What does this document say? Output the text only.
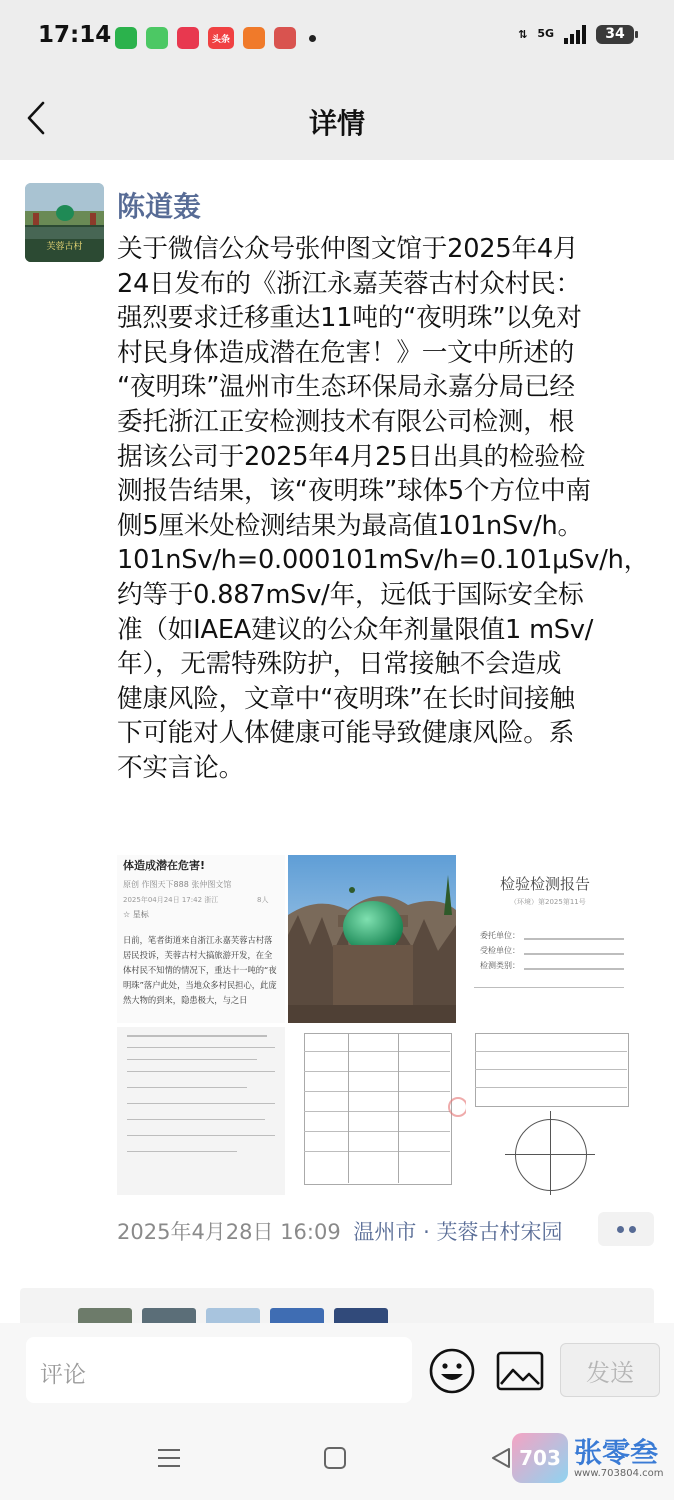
17:14	头条	⇅ 5G	34
详情
芙蓉古村
陈道轰

关于微信公众号张仲图文馆于2025年4月
24日发布的《浙江永嘉芙蓉古村众村民：
强烈要求迁移重达11吨的“夜明珠”以免对
村民身体造成潜在危害！》一文中所述的
“夜明珠”温州市生态环保局永嘉分局已经
委托浙江正安检测技术有限公司检测，根
据该公司于2025年4月25日出具的检验检
测报告结果，该“夜明珠”球体5个方位中南
侧5厘米处检测结果为最高值101nSv/h。
101nSv/h=0.000101mSv/h=0.101μSv/h，
约等于0.887mSv/年，远低于国际安全标
准（如IAEA建议的公众年剂量限值1 mSv/
年），无需特殊防护，日常接触不会造成
健康风险，文章中“夜明珠”在长时间接触
下可能对人体健康可能导致健康风险。系
不实言论。

体造成潜在危害!
原创 作图天下888 张仲图文馆
2025年04月24日 17:42 浙江	8人
☆ 星标
日前，笔者街道来自浙江永嘉芙蓉古村落居民投诉，芙蓉古村大搞旅游开发，在全体村民不知情的情况下，重达十一吨的“夜明珠”落户此处，当地众多村民担心，此庞然大物的到来，隐患极大，与之日
检验检测报告
（环境）第2025第11号
委托单位：
受检单位：
检测类别：
2025年4月28日 16:09 温州市 · 芙蓉古村宋园
评论	发送
703 张零叁
www.703804.com
